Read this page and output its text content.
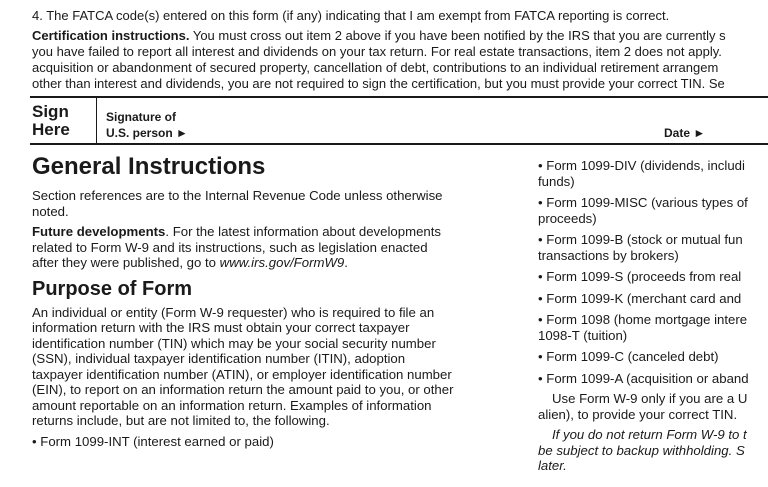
4. The FATCA code(s) entered on this form (if any) indicating that I am exempt from FATCA reporting is correct.
Certification instructions. You must cross out item 2 above if you have been notified by the IRS that you are currently s
you have failed to report all interest and dividends on your tax return. For real estate transactions, item 2 does not apply.
acquisition or abandonment of secured property, cancellation of debt, contributions to an individual retirement arrangem
other than interest and dividends, you are not required to sign the certification, but you must provide your correct TIN. Se
Sign
Here
Signature of
U.S. person ►	Date ►
General Instructions

Section references are to the Internal Revenue Code unless otherwise

noted.

Future developments. For the latest information about developments

related to Form W-9 and its instructions, such as legislation enacted

after they were published, go to www.irs.gov/FormW9.

Purpose of Form

An individual or entity (Form W-9 requester) who is required to file an

information return with the IRS must obtain your correct taxpayer

identification number (TIN) which may be your social security number

(SSN), individual taxpayer identification number (ITIN), adoption

taxpayer identification number (ATIN), or employer identification number

(EIN), to report on an information return the amount paid to you, or other

amount reportable on an information return. Examples of information

returns include, but are not limited to, the following.

• Form 1099-INT (interest earned or paid)

• Form 1099-DIV (dividends, includi

funds)

• Form 1099-MISC (various types of

proceeds)

• Form 1099-B (stock or mutual fun

transactions by brokers)

• Form 1099-S (proceeds from real

• Form 1099-K (merchant card and

• Form 1098 (home mortgage intere

1098-T (tuition)

• Form 1099-C (canceled debt)

• Form 1099-A (acquisition or aband

Use Form W-9 only if you are a U

alien), to provide your correct TIN.

If you do not return Form W-9 to t

be subject to backup withholding. S

later.
